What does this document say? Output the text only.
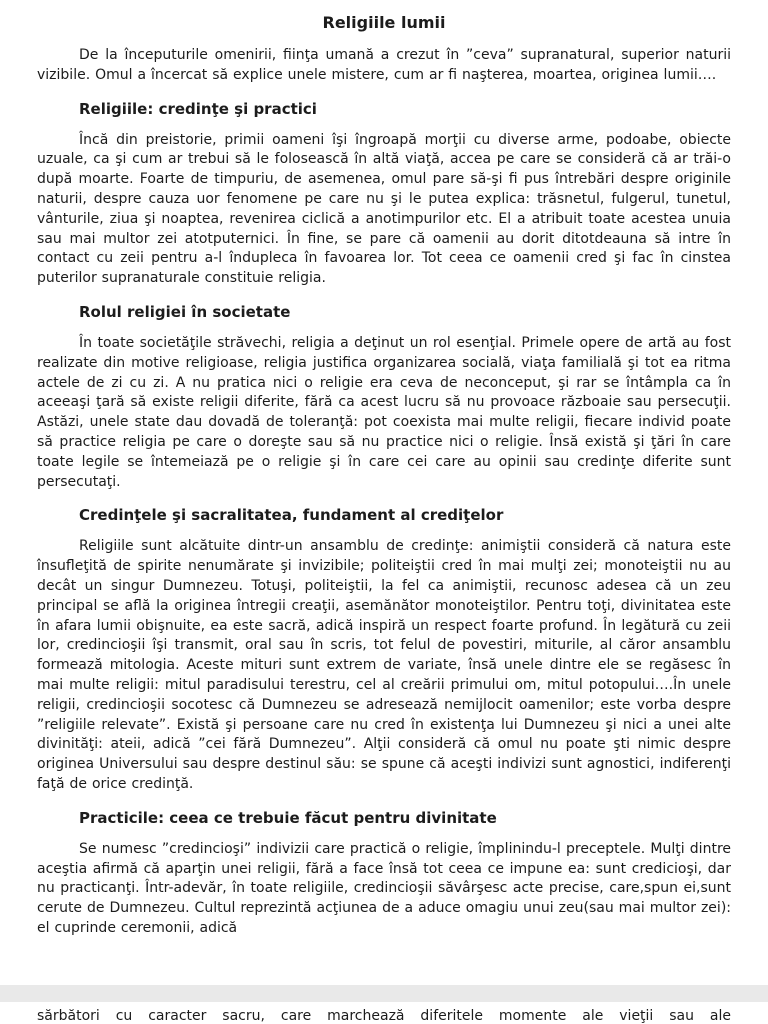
Religiile lumii

De la începuturile omenirii, fiinţa umană a crezut în ”ceva” supranatural, superior naturii vizibile. Omul a încercat să explice unele mistere, cum ar fi naşterea, moartea, originea lumii….

Religiile: credinţe şi practici

Încă din preistorie, primii oameni îşi îngroapă morţii cu diverse arme, podoabe, obiecte uzuale, ca şi cum ar trebui să le folosească în altă viaţă, accea pe care se consideră că ar trăi-o după moarte. Foarte de timpuriu, de asemenea, omul pare să-şi fi pus întrebări despre originile naturii, despre cauza uor fenomene pe care nu şi le putea explica: trăsnetul, fulgerul, tunetul, vânturile, ziua şi noaptea, revenirea ciclică a anotimpurilor etc. El a atribuit toate acestea unuia sau mai multor zei atotputernici. În fine, se pare că oamenii au dorit ditotdeauna să intre în contact cu zeii pentru a-l îndupleca în favoarea lor. Tot ceea ce oamenii cred şi fac în cinstea puterilor supranaturale constituie religia.

Rolul religiei în societate

În toate societăţile străvechi, religia a deţinut un rol esenţial. Primele opere de artă au fost realizate din motive religioase, religia justifica organizarea socială, viaţa familială şi tot ea ritma actele de zi cu zi. A nu pratica nici o religie era ceva de neconceput, şi rar se întâmpla ca în aceeaşi ţară să existe religii diferite, fără ca acest lucru să nu provoace războaie sau persecuţii. Astăzi, unele state dau dovadă de toleranţă: pot coexista mai multe religii, fiecare individ poate să practice religia pe care o doreşte sau să nu practice nici o religie. Însă există şi ţări în care toate legile se întemeiază pe o religie şi în care cei care au opinii sau credinţe diferite sunt persecutaţi.

Credinţele şi sacralitatea, fundament al crediţelor

Religiile sunt alcătuite dintr-un ansamblu de credinţe: animiştii consideră că natura este însufleţită de spirite nenumărate şi invizibile; politeiştii cred în mai mulţi zei; monoteiştii nu au decât un singur Dumnezeu. Totuşi, politeiştii, la fel ca animiştii, recunosc adesea că un zeu principal se află la originea întregii creaţii, asemănător monoteiştilor. Pentru toţi, divinitatea este în afara lumii obişnuite, ea este sacră, adică inspiră un respect foarte profund. În legătură cu zeii lor, credincioşii îşi transmit, oral sau în scris, tot felul de povestiri, miturile, al căror ansamblu formează mitologia. Aceste mituri sunt extrem de variate, însă unele dintre ele se regăsesc în mai multe religii: mitul paradisului terestru, cel al creării primului om, mitul potopului….În unele religii, credincioşii socotesc că Dumnezeu se adresează nemijlocit oamenilor; este vorba despre ”religiile relevate”. Există şi persoane care nu cred în existenţa lui Dumnezeu şi nici a unei alte divinităţi: ateii, adică ”cei fără Dumnezeu”. Alţii consideră că omul nu poate şti nimic despre originea Universului sau despre destinul său: se spune că aceşti indivizi sunt agnostici, indiferenţi faţă de orice credinţă.

Practicile: ceea ce trebuie făcut pentru divinitate

Se numesc ”credincioşi” indivizii care practică o religie, împlinindu-l preceptele. Mulţi dintre aceştia afirmă că aparţin unei religii, fără a face însă tot ceea ce impune ea: sunt credicioşi, dar nu practicanţi. Într-adevăr, în toate religiile, credincioşii săvârşesc acte precise, care,spun ei,sunt cerute de Dumnezeu. Cultul reprezintă acţiunea de a aduce omagiu unui zeu(sau mai multor zei): el cuprinde ceremonii, adică

sărbători cu caracter sacru, care marchează diferitele momente ale vieţii sau ale
